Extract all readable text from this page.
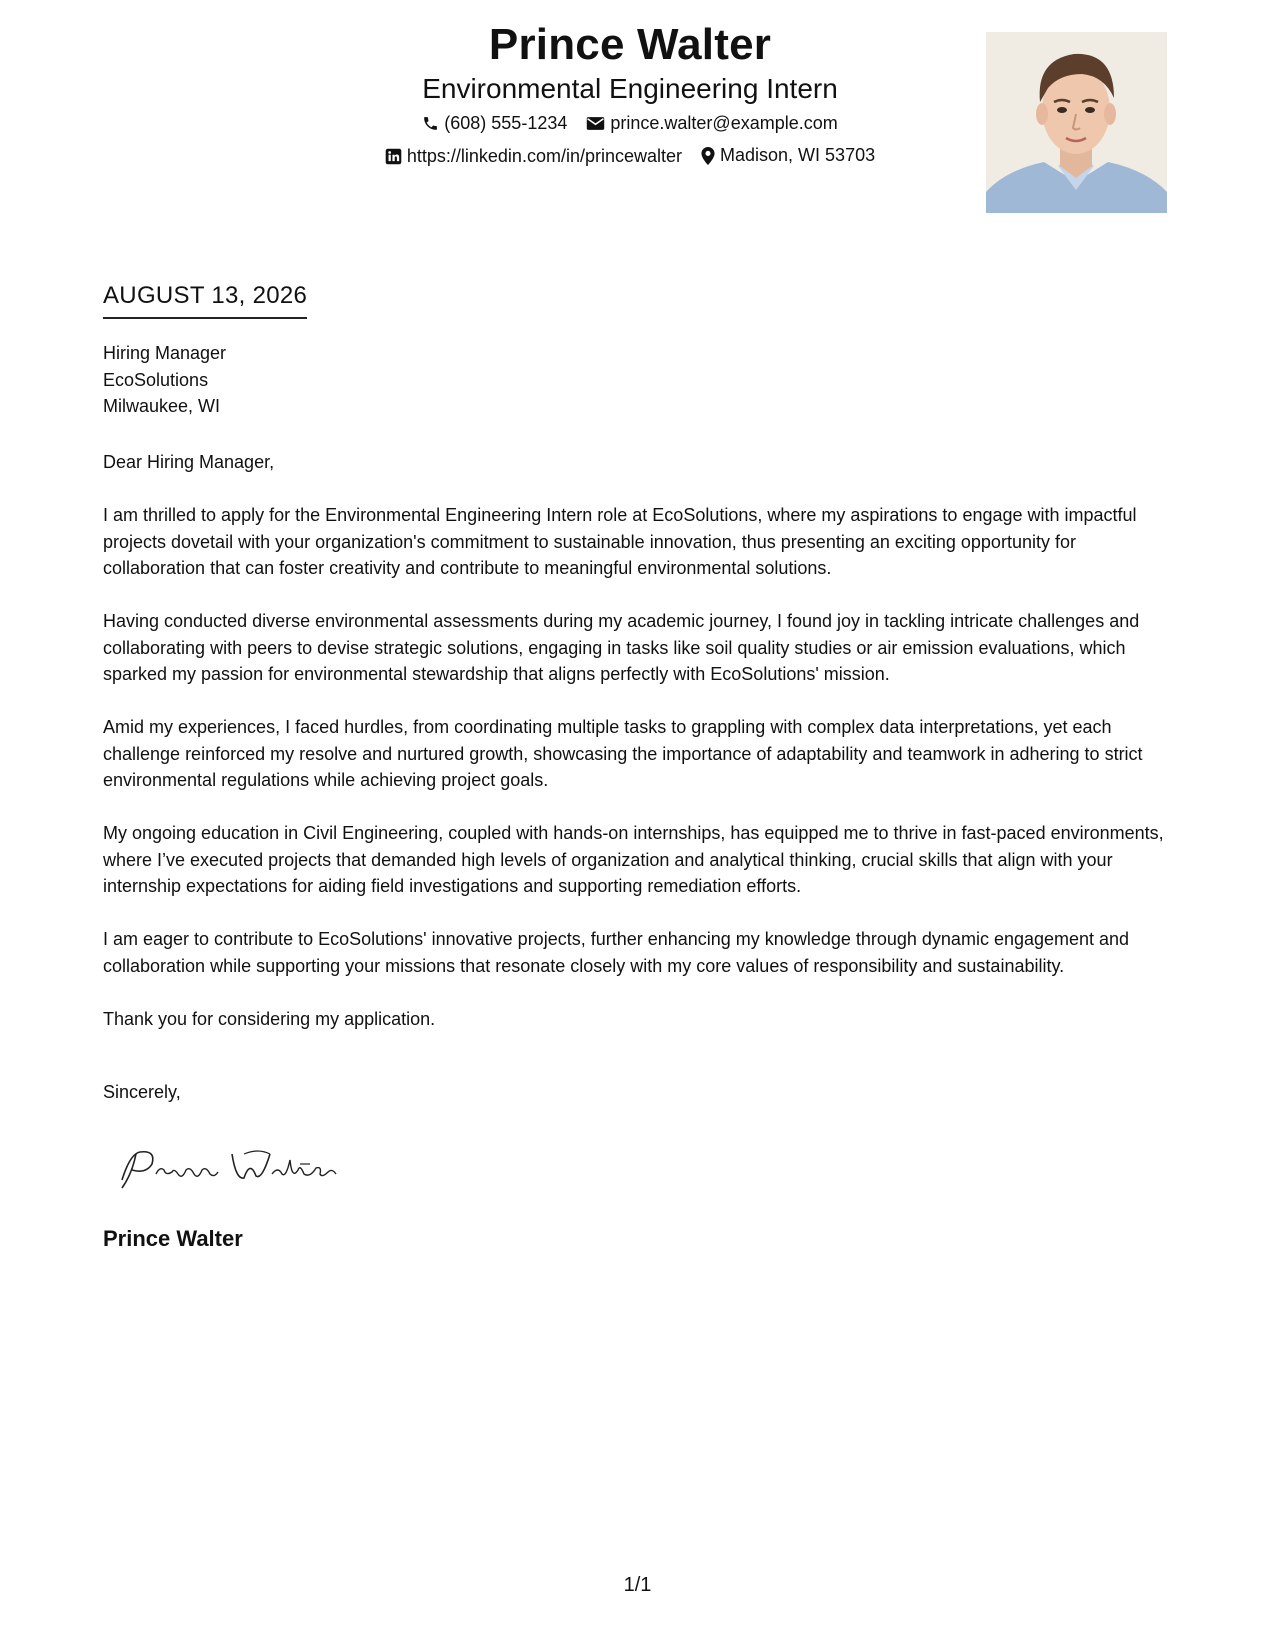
Prince Walter
Environmental Engineering Intern
(608) 555-1234
prince.walter@example.com
https://linkedin.com/in/princewalter
Madison, WI 53703
AUGUST 13, 2026
Hiring Manager
EcoSolutions
Milwaukee, WI

Dear Hiring Manager,

I am thrilled to apply for the Environmental Engineering Intern role at EcoSolutions, where my aspirations to engage with impactful projects dovetail with your organization's commitment to sustainable innovation, thus presenting an exciting opportunity for collaboration that can foster creativity and contribute to meaningful environmental solutions.

Having conducted diverse environmental assessments during my academic journey, I found joy in tackling intricate challenges and collaborating with peers to devise strategic solutions, engaging in tasks like soil quality studies or air emission evaluations, which sparked my passion for environmental stewardship that aligns perfectly with EcoSolutions' mission.

Amid my experiences, I faced hurdles, from coordinating multiple tasks to grappling with complex data interpretations, yet each challenge reinforced my resolve and nurtured growth, showcasing the importance of adaptability and teamwork in adhering to strict environmental regulations while achieving project goals.

My ongoing education in Civil Engineering, coupled with hands-on internships, has equipped me to thrive in fast-paced environments, where I’ve executed projects that demanded high levels of organization and analytical thinking, crucial skills that align with your internship expectations for aiding field investigations and supporting remediation efforts.

I am eager to contribute to EcoSolutions' innovative projects, further enhancing my knowledge through dynamic engagement and collaboration while supporting your missions that resonate closely with my core values of responsibility and sustainability.

Thank you for considering my application.

Sincerely,
Prince Walter
1/1
